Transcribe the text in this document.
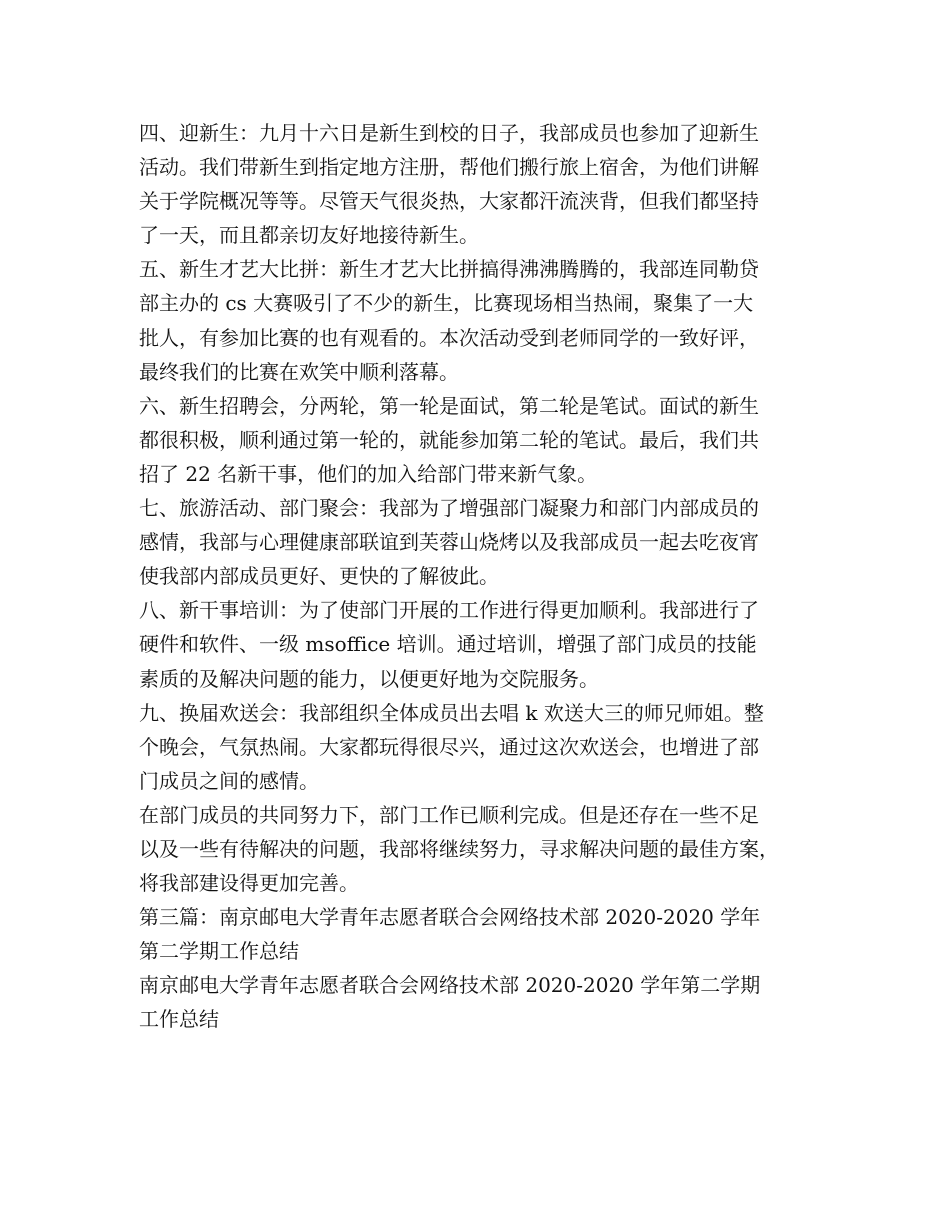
四、迎新生：九月十六日是新生到校的日子，我部成员也参加了迎新生
活动。我们带新生到指定地方注册，帮他们搬行旅上宿舍，为他们讲解
关于学院概况等等。尽管天气很炎热，大家都汗流浃背，但我们都坚持
了一天，而且都亲切友好地接待新生。
五、新生才艺大比拼：新生才艺大比拼搞得沸沸腾腾的，我部连同勒贷
部主办的 cs 大赛吸引了不少的新生，比赛现场相当热闹，聚集了一大
批人，有参加比赛的也有观看的。本次活动受到老师同学的一致好评，
最终我们的比赛在欢笑中顺利落幕。
六、新生招聘会，分两轮，第一轮是面试，第二轮是笔试。面试的新生
都很积极，顺利通过第一轮的，就能参加第二轮的笔试。最后，我们共
招了 22 名新干事，他们的加入给部门带来新气象。
七、旅游活动、部门聚会：我部为了增强部门凝聚力和部门内部成员的
感情，我部与心理健康部联谊到芙蓉山烧烤以及我部成员一起去吃夜宵
使我部内部成员更好、更快的了解彼此。
八、新干事培训：为了使部门开展的工作进行得更加顺利。我部进行了
硬件和软件、一级 msoffice 培训。通过培训，增强了部门成员的技能
素质的及解决问题的能力，以便更好地为交院服务。
九、换届欢送会：我部组织全体成员出去唱 k 欢送大三的师兄师姐。整
个晚会，气氛热闹。大家都玩得很尽兴，通过这次欢送会，也增进了部
门成员之间的感情。
在部门成员的共同努力下，部门工作已顺利完成。但是还存在一些不足
以及一些有待解决的问题，我部将继续努力，寻求解决问题的最佳方案，
将我部建设得更加完善。
第三篇：南京邮电大学青年志愿者联合会网络技术部 2020-2020 学年
第二学期工作总结
南京邮电大学青年志愿者联合会网络技术部 2020-2020 学年第二学期
工作总结
